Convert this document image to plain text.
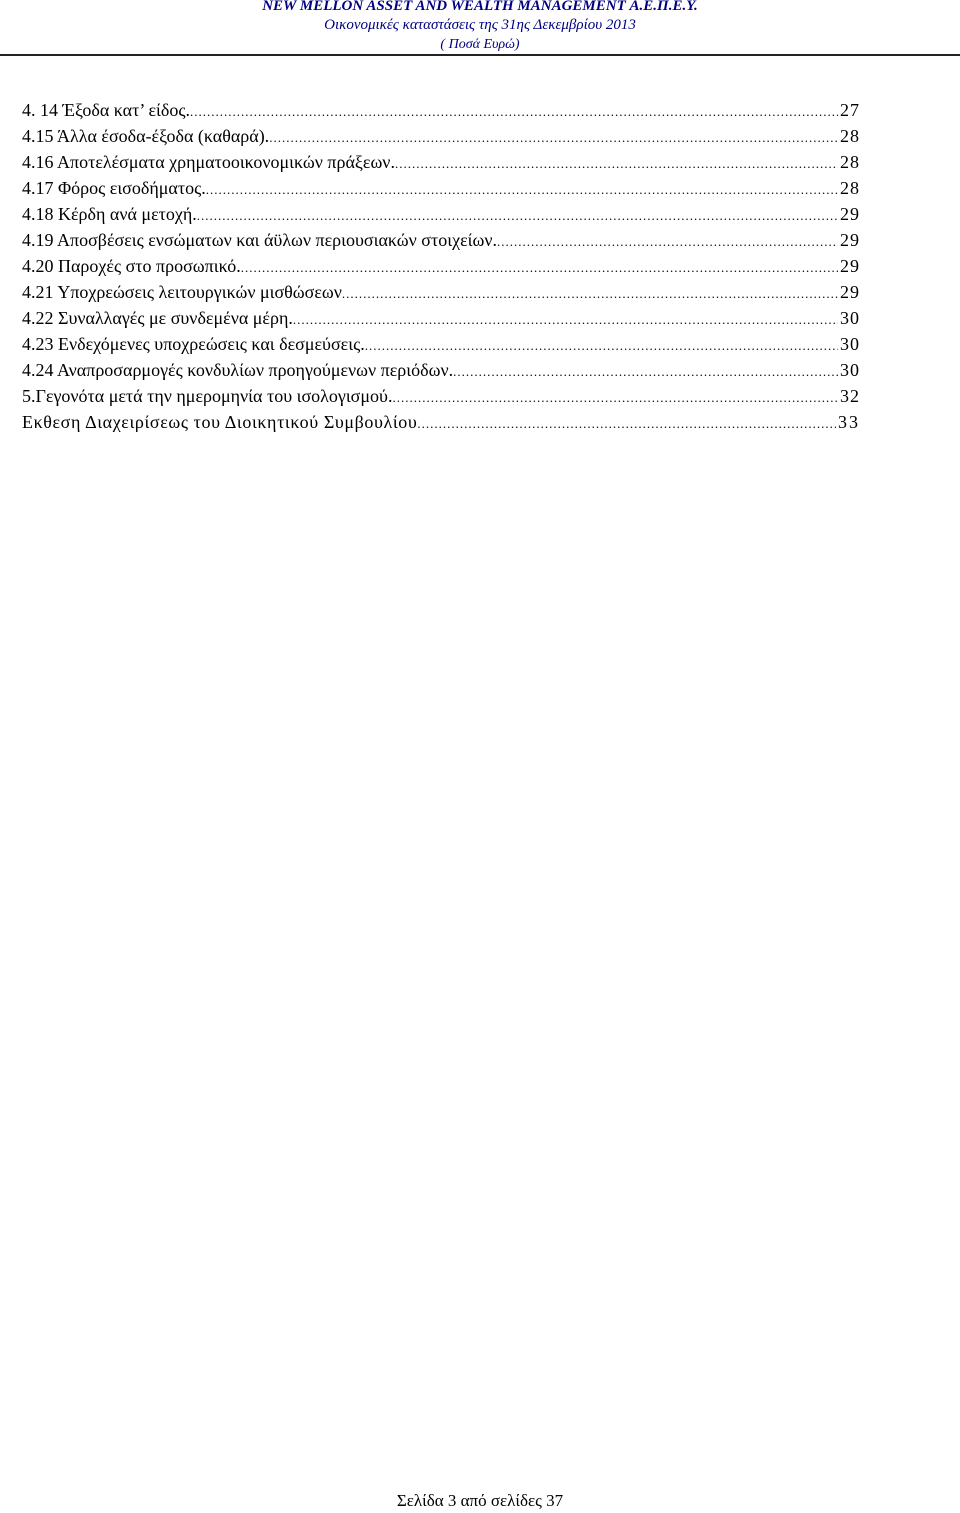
NEW MELLON ASSET AND WEALTH MANAGEMENT Α.Ε.Π.Ε.Υ.
Οικονομικές καταστάσεις της 31ης Δεκεμβρίου 2013
( Ποσά Ευρώ)
4. 14 Έξοδα κατ’ είδος. .....	27
4.15 Άλλα έσοδα-έξοδα (καθαρά). .....	28
4.16 Αποτελέσματα χρηματοοικονομικών πράξεων. .....	28
4.17 Φόρος εισοδήματος. .....	28
4.18 Κέρδη ανά μετοχή. .....	29
4.19 Αποσβέσεις ενσώματων και άϋλων περιουσιακών στοιχείων. .....	29
4.20 Παροχές στο προσωπικό. .....	29
4.21 Υποχρεώσεις λειτουργικών μισθώσεων .....	29
4.22 Συναλλαγές με συνδεμένα μέρη. .....	30
4.23 Ενδεχόμενες υποχρεώσεις και δεσμεύσεις. .....	30
4.24 Αναπροσαρμογές κονδυλίων προηγούμενων περιόδων. .....	30
5.Γεγονότα μετά την ημερομηνία του ισολογισμού. .....	32
Εκθεση Διαχειρίσεως του Διοικητικού Συμβουλίου .....	33
Σελίδα 3 από σελίδες 37
